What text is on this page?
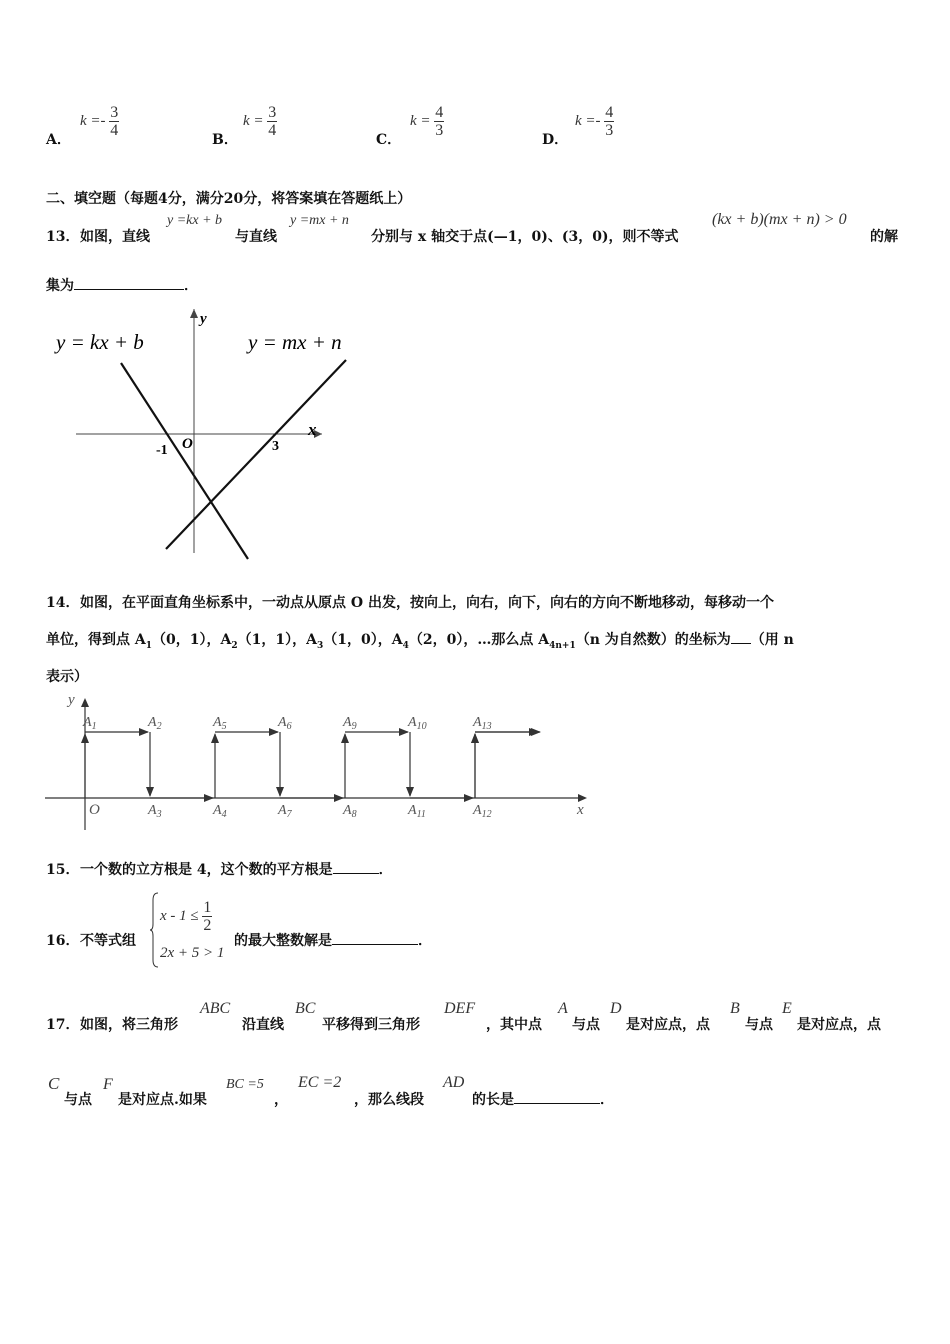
A．
$k =- \frac{3}{4}$
B．
$k = \frac{3}{4}$
C．
$k = \frac{4}{3}$
D．
$k =- \frac{4}{3}$
二、填空题（每题4分，满分20分，将答案填在答题纸上）
13． 如图，直线
y =kx + b
与直线
y =mx + n
分别与 x 轴交于点(—1，0)、(3，0)，则不等式
(kx + b)(mx + n) > 0
的解
集为	．
y = kx + b	y = mx + n
y
x
O
-1	3
14． 如图，在平面直角坐标系中，一动点从原点 O 出发，按向上，向右，向下，向右的方向不断地移动，每移动一个
单位，得到点 $A_1(0$，1），$A_2(1$，1），$A_3(1$，0），$A_4(2$，0），…那么点 $A_{4n+1}(n$ 为自然数）的坐标为 （用 n
表示）
$A_1$	$A_2$
$A_3$	$A_4$
$A_5$	$A_6$
$A_7$	$A_8$
$A_9$	$A_{10}$
$A_{11}$	$A_{12}$
$A_{13}$
y
x
O
15． 一个数的立方根是 4，这个数的平方根是	．
16． 不等式组
$x - 1 \le \frac{1}{2}$
2x + 5 > 1
的最大整数解是	．
17． 如图，将三角形
ABC
沿直线
BC
平移得到三角形
DEF
，其中点
A
与点
D
是对应点，点
B
与点
E
是对应点，点
C
与点
F
是对应点.如果
BC =5
，
EC =2
，那么线段
AD
的长是	．
